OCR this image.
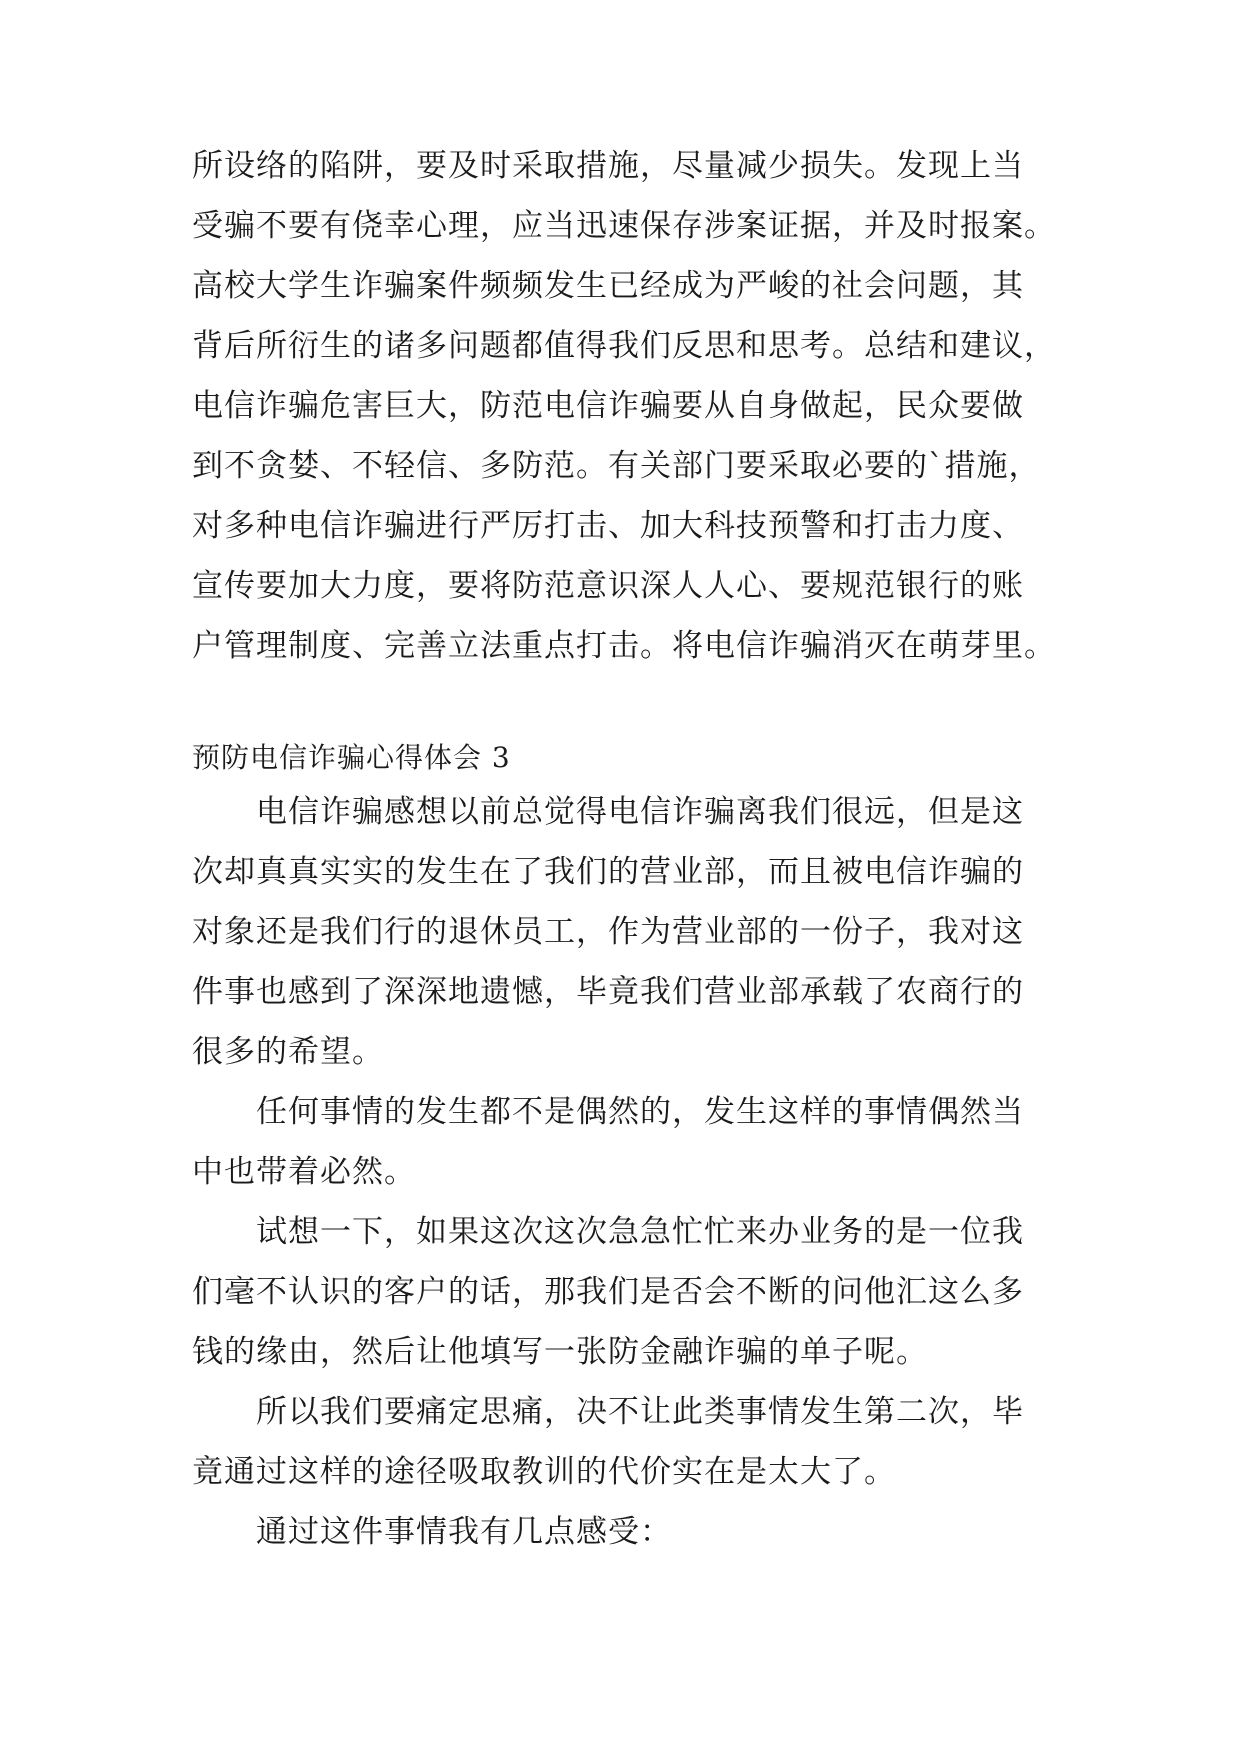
所设络的陷阱，要及时采取措施，尽量减少损失。发现上当
受骗不要有侥幸心理，应当迅速保存涉案证据，并及时报案。
高校大学生诈骗案件频频发生已经成为严峻的社会问题，其
背后所衍生的诸多问题都值得我们反思和思考。总结和建议，
电信诈骗危害巨大，防范电信诈骗要从自身做起，民众要做
到不贪婪、不轻信、多防范。有关部门要采取必要的`措施，
对多种电信诈骗进行严厉打击、加大科技预警和打击力度、
宣传要加大力度，要将防范意识深人人心、要规范银行的账
户管理制度、完善立法重点打击。将电信诈骗消灭在萌芽里。
预防电信诈骗心得体会 3
电信诈骗感想以前总觉得电信诈骗离我们很远，但是这
次却真真实实的发生在了我们的营业部，而且被电信诈骗的
对象还是我们行的退休员工，作为营业部的一份子，我对这
件事也感到了深深地遗憾，毕竟我们营业部承载了农商行的
很多的希望。
任何事情的发生都不是偶然的，发生这样的事情偶然当
中也带着必然。
试想一下，如果这次这次急急忙忙来办业务的是一位我
们毫不认识的客户的话，那我们是否会不断的问他汇这么多
钱的缘由，然后让他填写一张防金融诈骗的单子呢。
所以我们要痛定思痛，决不让此类事情发生第二次，毕
竟通过这样的途径吸取教训的代价实在是太大了。
通过这件事情我有几点感受：
